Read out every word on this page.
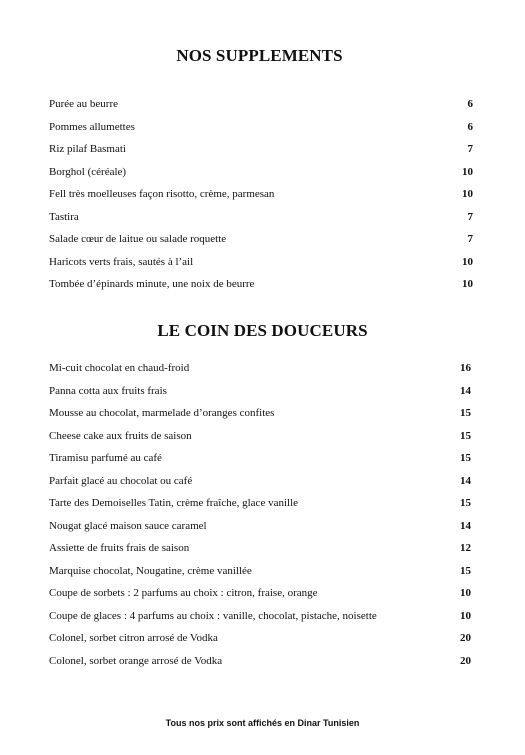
NOS SUPPLEMENTS
Purée au beurre	6
Pommes allumettes	6
Riz pilaf Basmati	7
Borghol (céréale)	10
Fell très moelleuses façon risotto, crème, parmesan	10
Tastira	7
Salade cœur de laitue ou salade roquette	7
Haricots verts frais, sautés à l’ail	10
Tombée d’épinards minute, une noix de beurre	10
LE COIN DES DOUCEURS
Mi-cuit chocolat en chaud-froid	16
Panna cotta aux fruits frais	14
Mousse au chocolat, marmelade d’oranges confites	15
Cheese cake aux fruits de saison	15
Tiramisu parfumé au café	15
Parfait glacé au chocolat ou café	14
Tarte des Demoiselles Tatin, crème fraîche, glace vanille	15
Nougat glacé maison sauce caramel	14
Assiette de fruits frais de saison	12
Marquise chocolat, Nougatine, crème vanillée	15
Coupe de sorbets : 2 parfums au choix : citron, fraise, orange	10
Coupe de glaces : 4 parfums au choix : vanille, chocolat, pistache, noisette	10
Colonel, sorbet citron arrosé de Vodka	20
Colonel, sorbet orange arrosé de Vodka	20
Tous nos prix sont affichés en Dinar Tunisien
